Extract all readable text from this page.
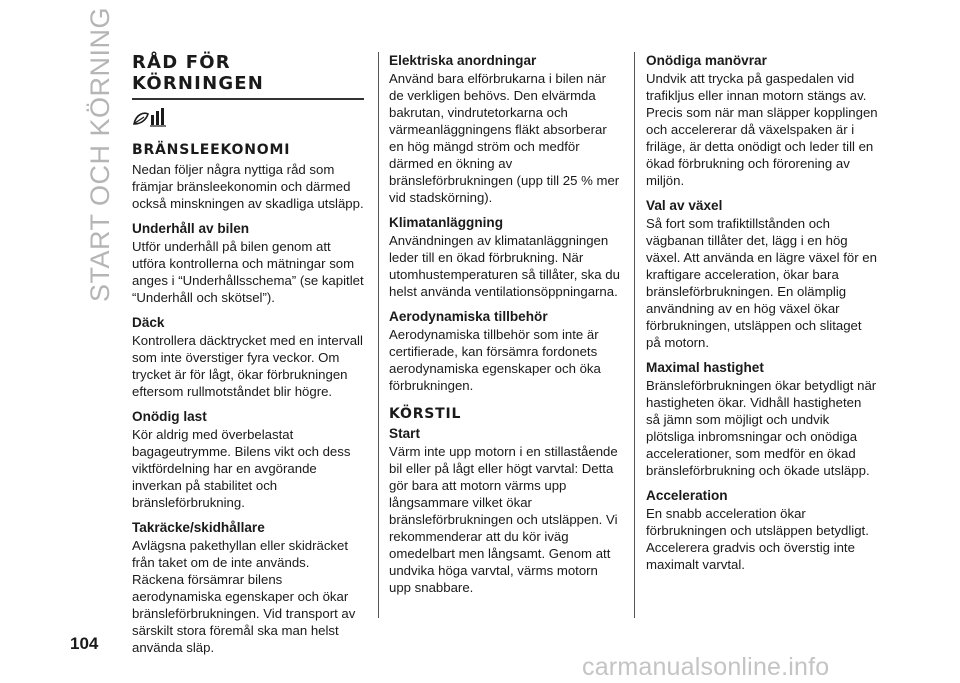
START OCH KÖRNING RÅD FÖR
KÖRNINGEN
BRÄNSLEEKONOMI

Nedan följer några nyttiga råd som främjar bränsleekonomin och därmed också minskningen av skadliga utsläpp.

Underhåll av bilen

Utför underhåll på bilen genom att utföra kontrollerna och mätningar som anges i “Underhållsschema” (se kapitlet “Underhåll och skötsel”).

Däck

Kontrollera däcktrycket med en intervall som inte överstiger fyra veckor. Om trycket är för lågt, ökar förbrukningen eftersom rullmotståndet blir högre.

Onödig last

Kör aldrig med överbelastat bagageutrymme. Bilens vikt och dess viktfördelning har en avgörande inverkan på stabilitet och bränsleförbrukning.

Takräcke/skidhållare

Avlägsna pakethyllan eller skidräcket från taket om de inte används. Räckena försämrar bilens aerodynamiska egenskaper och ökar bränsleförbrukningen. Vid transport av särskilt stora föremål ska man helst använda släp.

Elektriska anordningar

Använd bara elförbrukarna i bilen när de verkligen behövs. Den elvärmda bakrutan, vindrutetorkarna och värmeanläggningens fläkt absorberar en hög mängd ström och medför därmed en ökning av bränsleförbrukningen (upp till 25 % mer vid stadskörning).

Klimatanläggning

Användningen av klimatanläggningen leder till en ökad förbrukning. När utomhustemperaturen så tillåter, ska du helst använda ventilationsöppningarna.

Aerodynamiska tillbehör

Aerodynamiska tillbehör som inte är certifierade, kan försämra fordonets aerodynamiska egenskaper och öka förbrukningen.

KÖRSTIL
Start

Värm inte upp motorn i en stillastående bil eller på lågt eller högt varvtal: Detta gör bara att motorn värms upp långsammare vilket ökar bränsleförbrukningen och utsläppen. Vi rekommenderar att du kör iväg omedelbart men långsamt. Genom att undvika höga varvtal, värms motorn upp snabbare.

Onödiga manövrar

Undvik att trycka på gaspedalen vid trafikljus eller innan motorn stängs av. Precis som när man släpper kopplingen och accelererar då växelspaken är i friläge, är detta onödigt och leder till en ökad förbrukning och förorening av miljön.

Val av växel

Så fort som trafiktillstånden och vägbanan tillåter det, lägg i en hög växel. Att använda en lägre växel för en kraftigare acceleration, ökar bara bränsleförbrukningen. En olämplig användning av en hög växel ökar förbrukningen, utsläppen och slitaget på motorn.

Maximal hastighet

Bränsleförbrukningen ökar betydligt när hastigheten ökar. Vidhåll hastigheten så jämn som möjligt och undvik plötsliga inbromsningar och onödiga accelerationer, som medför en ökad bränsleförbrukning och ökade utsläpp.

Acceleration

En snabb acceleration ökar förbrukningen och utsläppen betydligt. Accelerera gradvis och överstig inte maximalt varvtal.

104
carmanualsonline.info
